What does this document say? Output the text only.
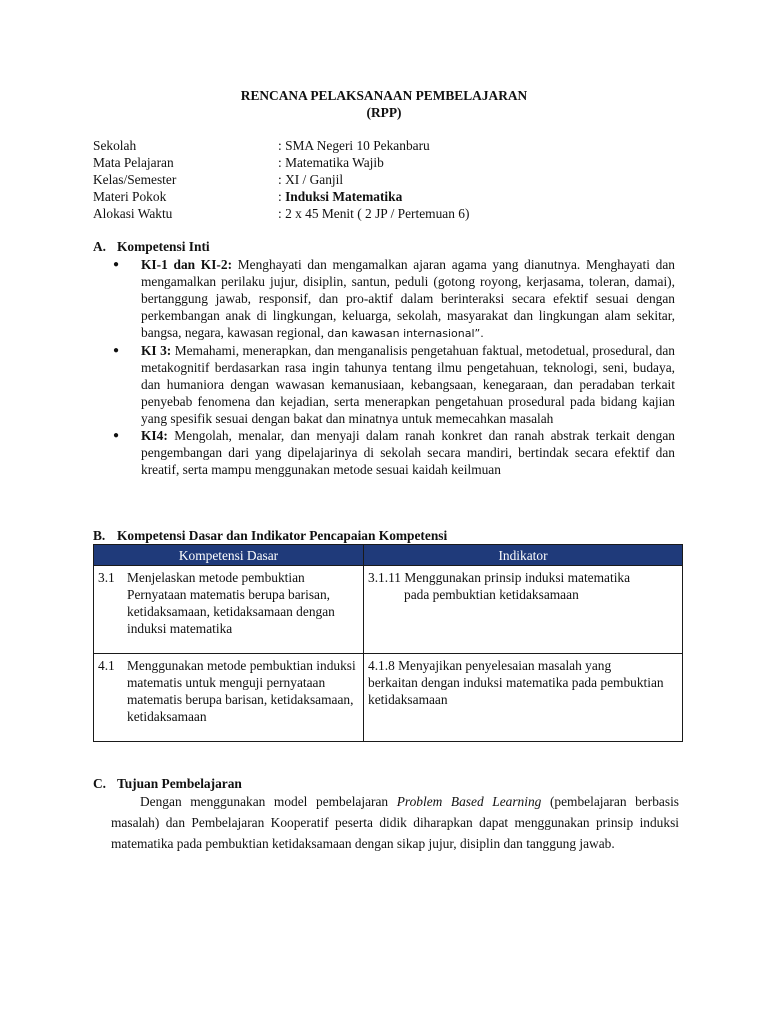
RENCANA PELAKSANAAN PEMBELAJARAN
(RPP)
Sekolah	: SMA Negeri 10 Pekanbaru
Mata Pelajaran	: Matematika Wajib
Kelas/Semester	: XI / Ganjil
Materi Pokok	: Induksi Matematika
Alokasi Waktu	: 2 x 45 Menit ( 2 JP / Pertemuan 6)
A. Kompetensi Inti
●	KI-1 dan KI-2: Menghayati dan mengamalkan ajaran agama yang dianutnya. Menghayati dan mengamalkan perilaku jujur, disiplin, santun, peduli (gotong royong, kerjasama, toleran, damai), bertanggung jawab, responsif, dan pro-aktif dalam berinteraksi secara efektif sesuai dengan perkembangan anak di lingkungan, keluarga, sekolah, masyarakat dan lingkungan alam sekitar, bangsa, negara, kawasan regional, dan kawasan internasional”.
●	KI 3: Memahami, menerapkan, dan menganalisis pengetahuan faktual, metodetual, prosedural, dan metakognitif berdasarkan rasa ingin tahunya tentang ilmu pengetahuan, teknologi, seni, budaya, dan humaniora dengan wawasan kemanusiaan, kebangsaan, kenegaraan, dan peradaban terkait penyebab fenomena dan kejadian, serta menerapkan pengetahuan prosedural pada bidang kajian yang spesifik sesuai dengan bakat dan minatnya untuk memecahkan masalah
●	KI4: Mengolah, menalar, dan menyaji dalam ranah konkret dan ranah abstrak terkait dengan pengembangan dari yang dipelajarinya di sekolah secara mandiri, bertindak secara efektif dan kreatif, serta mampu menggunakan metode sesuai kaidah keilmuan
B. Kompetensi Dasar dan Indikator Pencapaian Kompetensi
Kompetensi Dasar	Indikator

3.1 Menjelaskan metode pembuktian Pernyataan matematis berupa barisan, ketidaksamaan, ketidaksamaan dengan induksi matematika	3.1.11 Menggunakan prinsip induksi matematika
pada pembuktian ketidaksamaan

4.1 Menggunakan metode pembuktian induksi matematis untuk menguji pernyataan matematis berupa barisan, ketidaksamaan, ketidaksamaan	4.1.8 Menyajikan penyelesaian masalah yang
berkaitan dengan induksi matematika pada pembuktian ketidaksamaan
C. Tujuan Pembelajaran
Dengan menggunakan model pembelajaran Problem Based Learning (pembelajaran berbasis masalah) dan Pembelajaran Kooperatif peserta didik diharapkan dapat menggunakan prinsip induksi matematika pada pembuktian ketidaksamaan dengan sikap jujur, disiplin dan tanggung jawab.
